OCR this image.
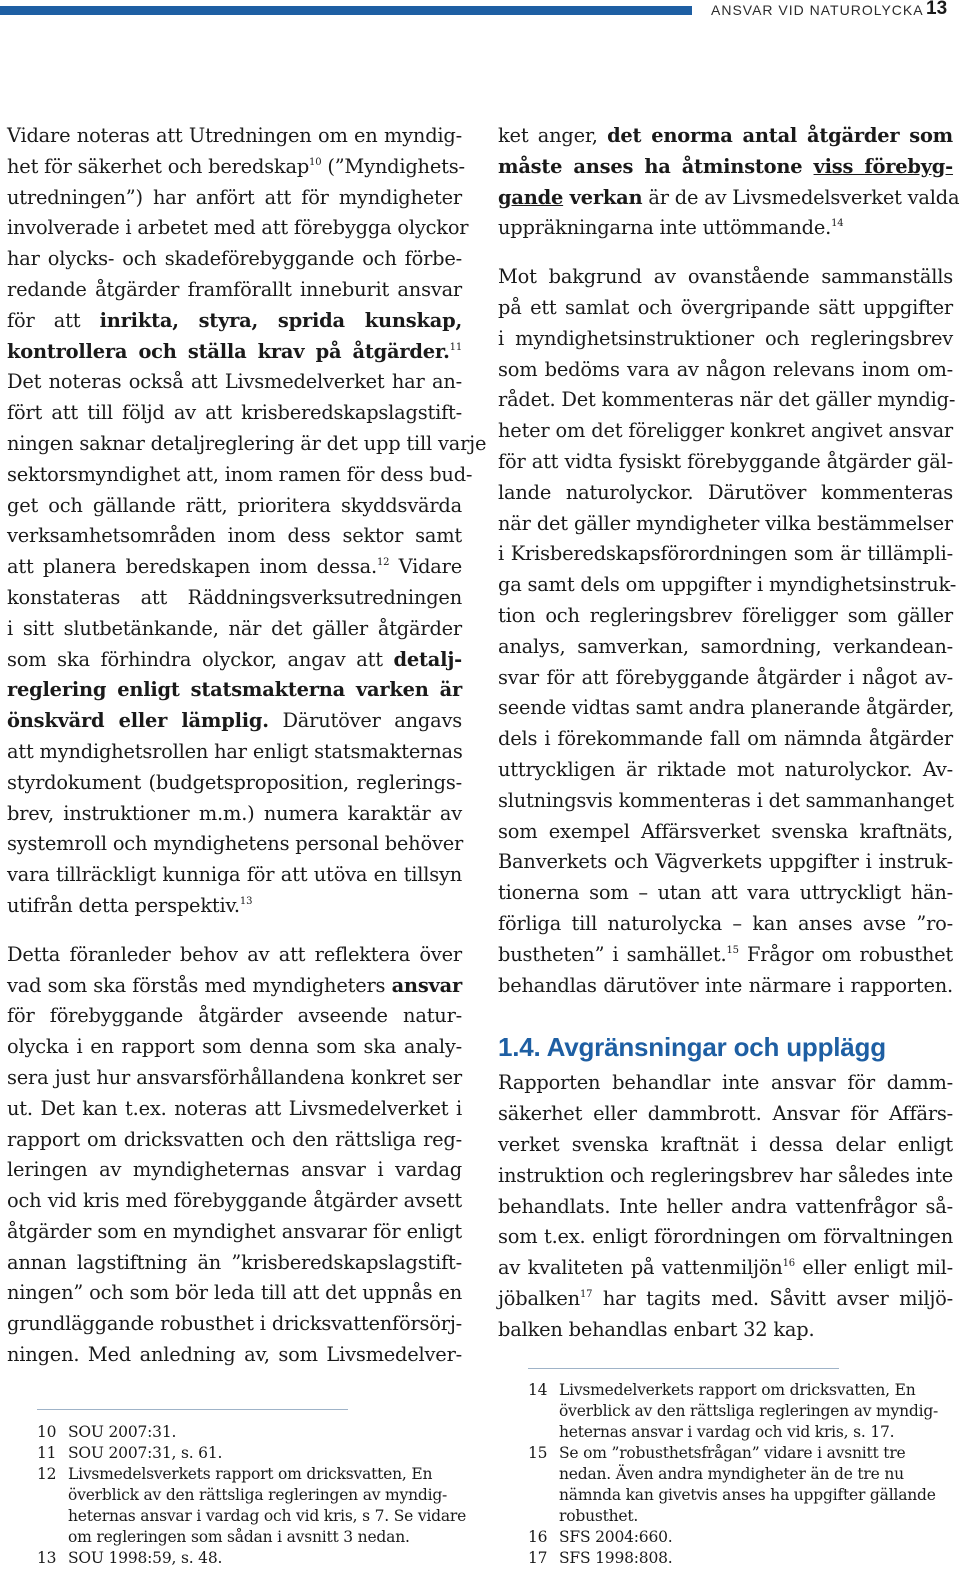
ANSVAR VID NATUROLYCKA 13

Vidare noteras att Utredningen om en myndig-
het för säkerhet och beredskap$^{10}$ (”Myndighets-
utredningen”) har anfört att för myndigheter
involverade i arbetet med att förebygga olyckor
har olycks- och skadeförebyggande och förbe-
redande åtgärder framförallt inneburit ansvar
för att inrikta, styra, sprida kunskap,
kontrollera och ställa krav på åtgärder.$^{11}$
Det noteras också att Livsmedelverket har an-
fört att till följd av att krisberedskapslagstift-
ningen saknar detaljreglering är det upp till varje
sektorsmyndighet att, inom ramen för dess bud-
get och gällande rätt, prioritera skyddsvärda
verksamhetsområden inom dess sektor samt
att planera beredskapen inom dessa.$^{12}$ Vidare
konstateras att Räddningsverksutredningen
i sitt slutbetänkande, när det gäller åtgärder
som ska förhindra olyckor, angav att detalj-
reglering enligt statsmakterna varken är
önskvärd eller lämplig. Därutöver angavs
att myndighetsrollen har enligt statsmakternas
styrdokument (budgetsproposition, reglerings-
brev, instruktioner m.m.) numera karaktär av
systemroll och myndighetens personal behöver
vara tillräckligt kunniga för att utöva en tillsyn
utifrån detta perspektiv.$^{13}$

Detta föranleder behov av att reflektera över
vad som ska förstås med myndigheters ansvar
för förebyggande åtgärder avseende natur-
olycka i en rapport som denna som ska analy-
sera just hur ansvarsförhållandena konkret ser
ut. Det kan t.ex. noteras att Livsmedelverket i
rapport om dricksvatten och den rättsliga reg-
leringen av myndigheternas ansvar i vardag
och vid kris med förebyggande åtgärder avsett
åtgärder som en myndighet ansvarar för enligt
annan lagstiftning än ”krisberedskapslagstift-
ningen” och som bör leda till att det uppnås en
grundläggande robusthet i dricksvattenförsörj-
ningen. Med anledning av, som Livsmedelver-

ket anger, det enorma antal åtgärder som
måste anses ha åtminstone viss förebyg-
gande verkan är de av Livsmedelsverket valda
uppräkningarna inte uttömmande.$^{14}$

Mot bakgrund av ovanstående sammanställs
på ett samlat och övergripande sätt uppgifter
i myndighetsinstruktioner och regleringsbrev
som bedöms vara av någon relevans inom om-
rådet. Det kommenteras när det gäller myndig-
heter om det föreligger konkret angivet ansvar
för att vidta fysiskt förebyggande åtgärder gäl-
lande naturolyckor. Därutöver kommenteras
när det gäller myndigheter vilka bestämmelser
i Krisberedskapsförordningen som är tillämpli-
ga samt dels om uppgifter i myndighetsinstruk-
tion och regleringsbrev föreligger som gäller
analys, samverkan, samordning, verkandean-
svar för att förebyggande åtgärder i något av-
seende vidtas samt andra planerande åtgärder,
dels i förekommande fall om nämnda åtgärder
uttryckligen är riktade mot naturolyckor. Av-
slutningsvis kommenteras i det sammanhanget
som exempel Affärsverket svenska kraftnäts,
Banverkets och Vägverkets uppgifter i instruk-
tionerna som – utan att vara uttryckligt hän-
förliga till naturolycka – kan anses avse ”ro-
bustheten” i samhället.$^{15}$ Frågor om robusthet
behandlas därutöver inte närmare i rapporten.

1.4. Avgränsningar och upplägg

Rapporten behandlar inte ansvar för damm-
säkerhet eller dammbrott. Ansvar för Affärs-
verket svenska kraftnät i dessa delar enligt
instruktion och regleringsbrev har således inte
behandlats. Inte heller andra vattenfrågor så-
som t.ex. enligt förordningen om förvaltningen
av kvaliteten på vattenmiljön$^{16}$ eller enligt mil-
jöbalken$^{17}$ har tagits med. Såvitt avser miljö-
balken behandlas enbart 32 kap.

10 SOU 2007:31.
11 SOU 2007:31, s. 61.
12 Livsmedelsverkets rapport om dricksvatten, En överblick av den rättsliga regleringen av myndig-heternas ansvar i vardag och vid kris, s 7. Se vidare om regleringen som sådan i avsnitt 3 nedan.
13 SOU 1998:59, s. 48.
14 Livsmedelverkets rapport om dricksvatten, En överblick av den rättsliga regleringen av myndig-heternas ansvar i vardag och vid kris, s. 17.
15 Se om ”robusthetsfrågan” vidare i avsnitt tre nedan. Även andra myndigheter än de tre nu nämnda kan givetvis anses ha uppgifter gällande robusthet.
16 SFS 2004:660.
17 SFS 1998:808.
